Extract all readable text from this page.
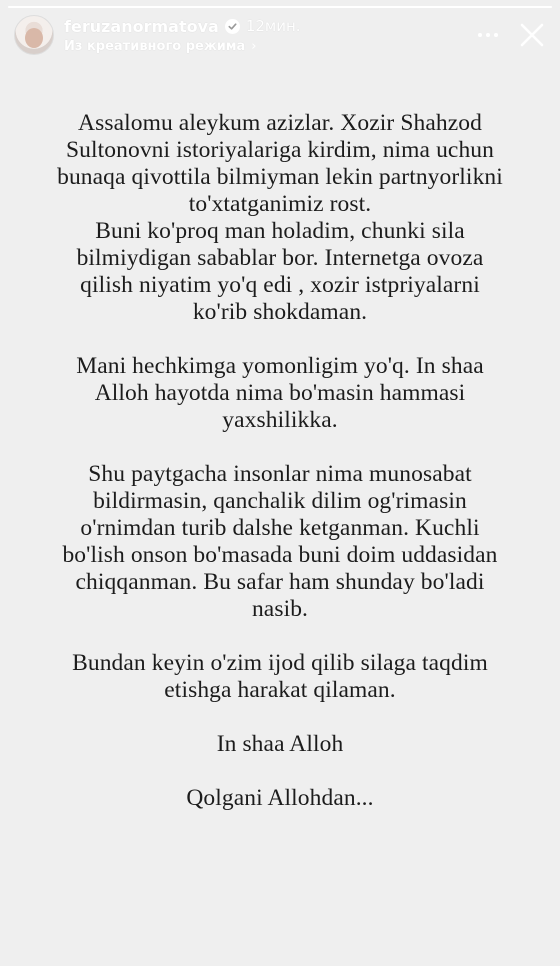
feruzanormatova 12мин.
Из креативного режима ›

Assalomu aleykum azizlar. Xozir Shahzod
Sultonovni istoriyalariga kirdim, nima uchun
bunaqa qivottila bilmiyman lekin partnyorlikni
to'xtatganimiz rost.
Buni ko'proq man holadim, chunki sila
bilmiydigan sabablar bor. Internetga ovoza
qilish niyatim yo'q edi , xozir istpriyalarni
ko'rib shokdaman.

Mani hechkimga yomonligim yo'q. In shaa
Alloh hayotda nima bo'masin hammasi
yaxshilikka.

Shu paytgacha insonlar nima munosabat
bildirmasin, qanchalik dilim og'rimasin
o'rnimdan turib dalshe ketganman. Kuchli
bo'lish onson bo'masada buni doim uddasidan
chiqqanman. Bu safar ham shunday bo'ladi
nasib.

Bundan keyin o'zim ijod qilib silaga taqdim
etishga harakat qilaman.

In shaa Alloh

Qolgani Allohdan...
